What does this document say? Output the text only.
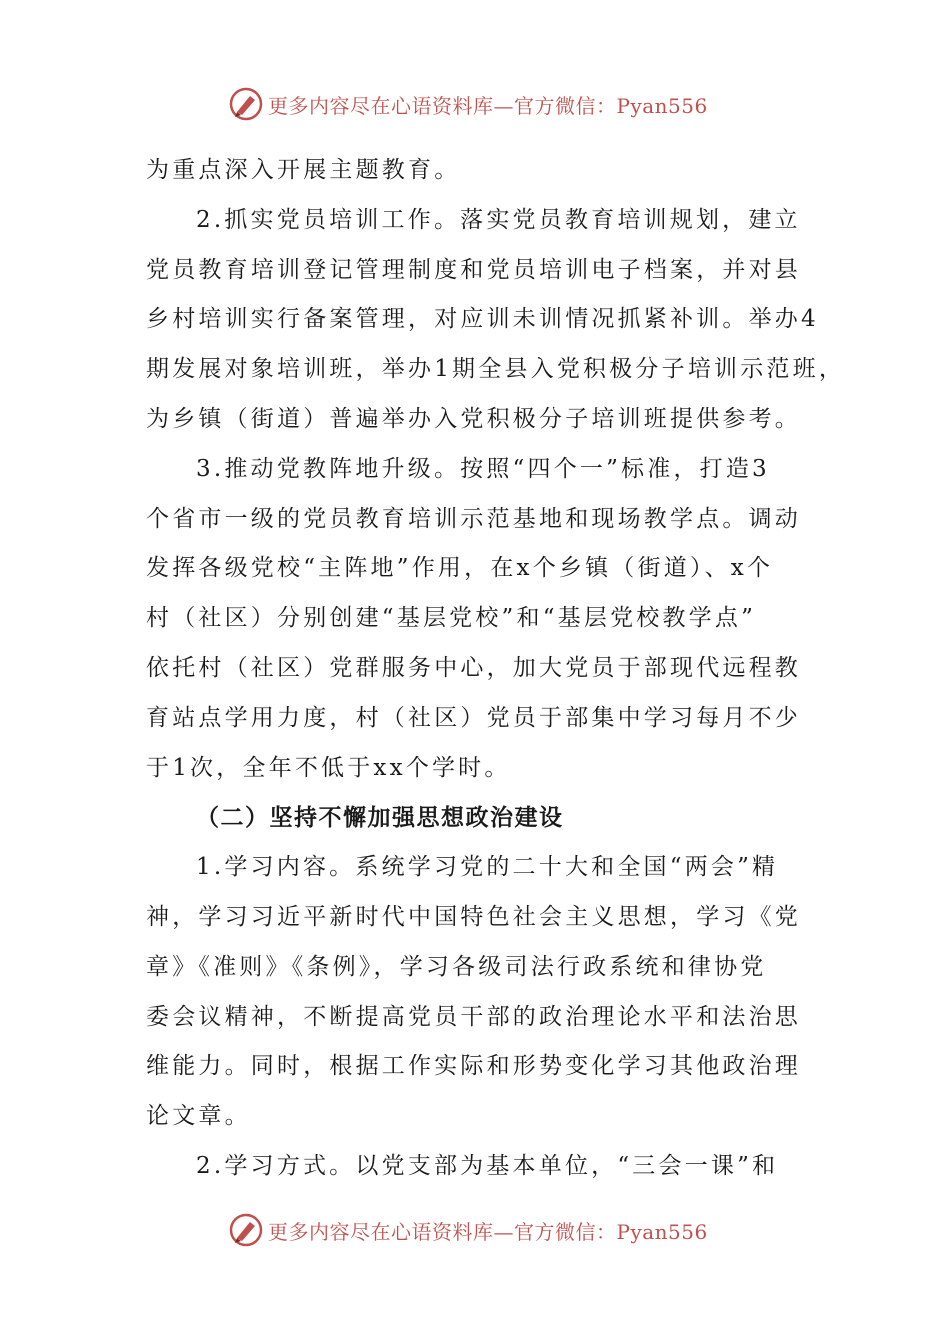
更多内容尽在心语资料库—官方微信：Pyan556
为重点深入开展主题教育。
2.抓实党员培训工作。落实党员教育培训规划，建立
党员教育培训登记管理制度和党员培训电子档案，并对县
乡村培训实行备案管理，对应训未训情况抓紧补训。举办4
期发展对象培训班，举办1期全县入党积极分子培训示范班，
为乡镇（街道）普遍举办入党积极分子培训班提供参考。
3.推动党教阵地升级。按照“四个一”标准，打造3
个省市一级的党员教育培训示范基地和现场教学点。调动
发挥各级党校“主阵地”作用，在x个乡镇（街道）、x个
村（社区）分别创建“基层党校”和“基层党校教学点”
依托村（社区）党群服务中心，加大党员于部现代远程教
育站点学用力度，村（社区）党员于部集中学习每月不少
于1次，全年不低于xx个学时。
（二）坚持不懈加强思想政治建设
1.学习内容。系统学习党的二十大和全国“两会”精
神，学习习近平新时代中国特色社会主义思想，学习《党
章》《准则》《条例》，学习各级司法行政系统和律协党
委会议精神，不断提高党员干部的政治理论水平和法治思
维能力。同时，根据工作实际和形势变化学习其他政治理
论文章。
2.学习方式。以党支部为基本单位，“三会一课”和
更多内容尽在心语资料库—官方微信：Pyan556
